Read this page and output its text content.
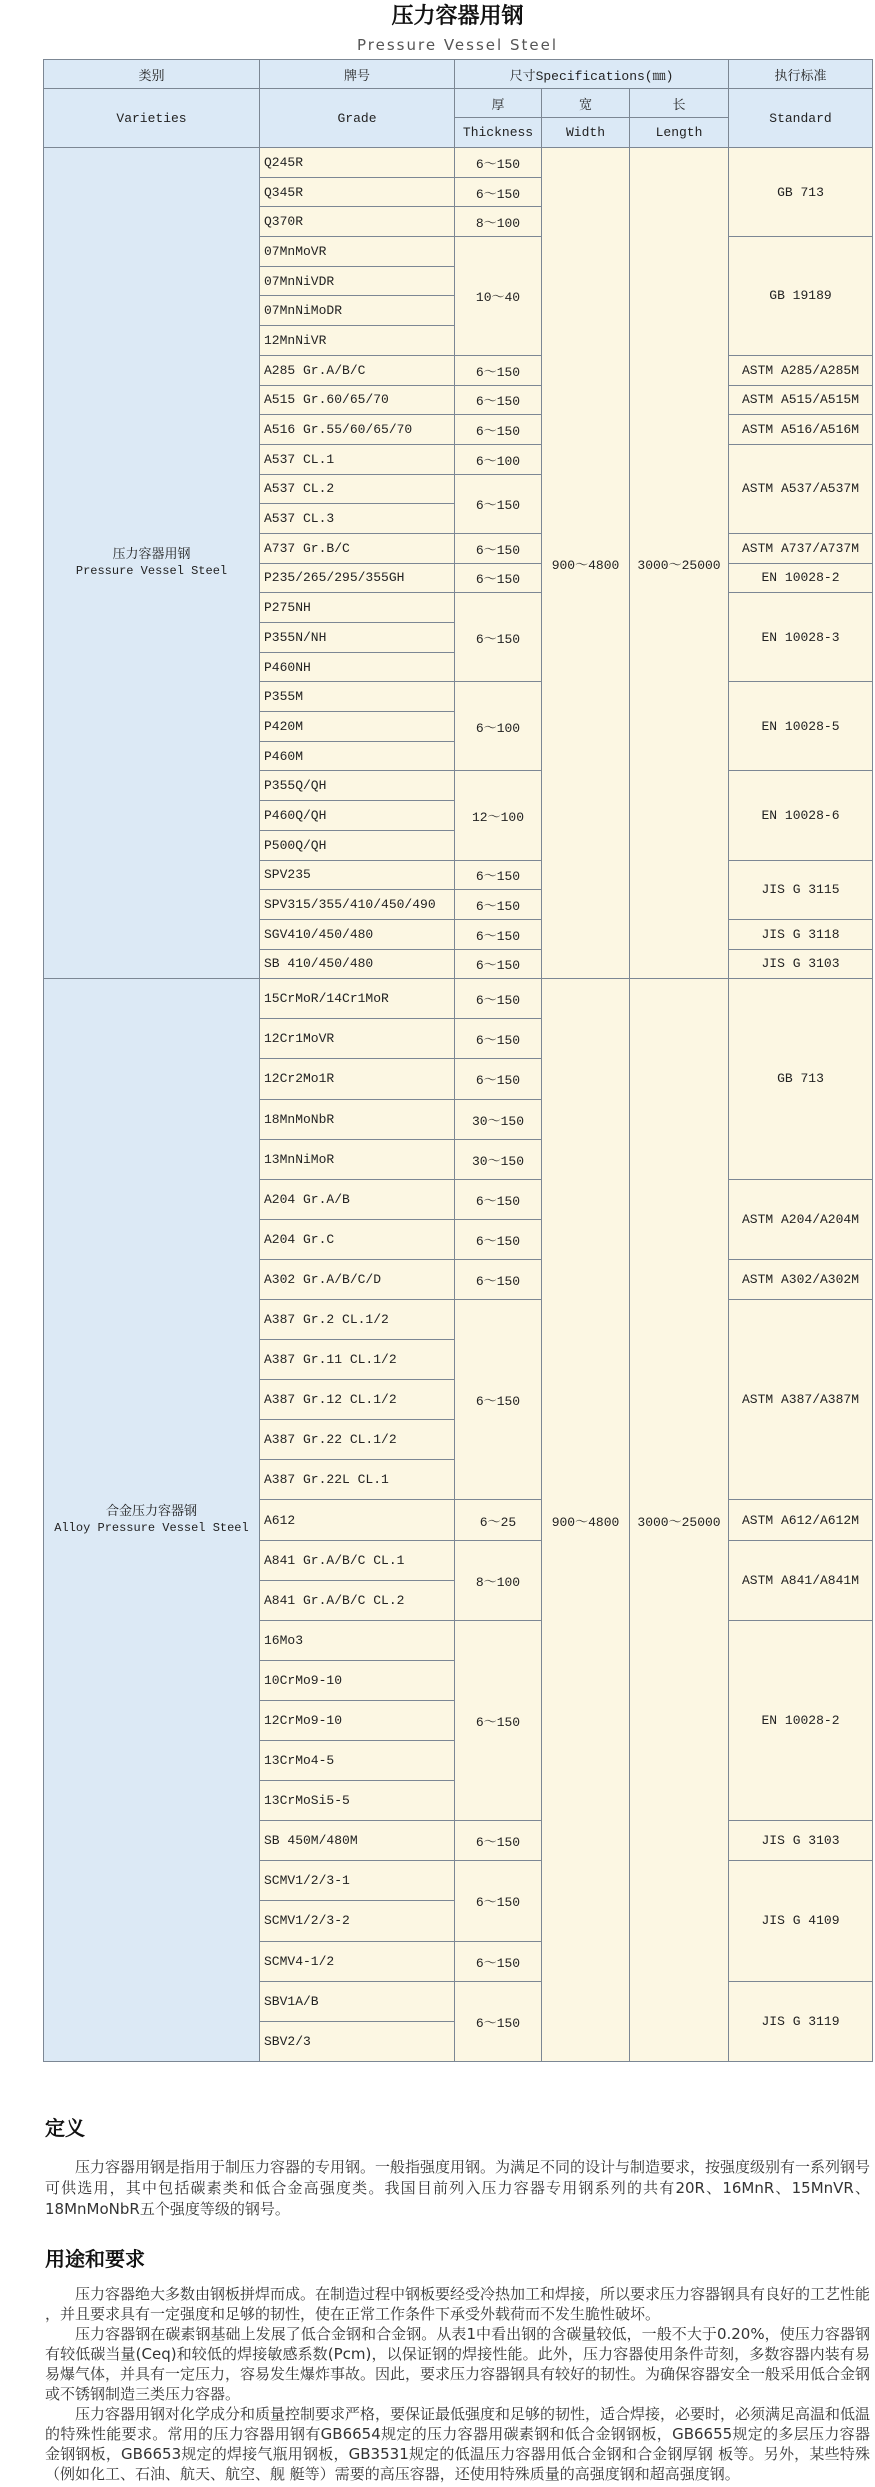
压力容器用钢
Pressure Vessel Steel
类别	牌号	尺寸Specifications(㎜)			执行标准
Varieties	Grade	厚	宽	长	Standard
		Thickness	Width	Length	

压力容器用钢
Pressure Vessel Steel	Q245R	6～150	900～4800	3000～25000	GB 713
	Q345R	6～150			
	Q370R	8～100			
	07MnMoVR	10～40			GB 19189
	07MnNiVDR				
	07MnNiMoDR				
	12MnNiVR				
	A285 Gr.A/B/C	6～150			ASTM A285/A285M
	A515 Gr.60/65/70	6～150			ASTM A515/A515M
	A516 Gr.55/60/65/70	6～150			ASTM A516/A516M
	A537 CL.1	6～100			ASTM A537/A537M
	A537 CL.2	6～150			
	A537 CL.3				
	A737 Gr.B/C	6～150			ASTM A737/A737M
	P235/265/295/355GH	6～150			EN 10028-2
	P275NH	6～150			EN 10028-3
	P355N/NH				
	P460NH				
	P355M	6～100			EN 10028-5
	P420M				
	P460M				
	P355Q/QH	12～100			EN 10028-6
	P460Q/QH				
	P500Q/QH				
	SPV235	6～150			JIS G 3115
	SPV315/355/410/450/490	6～150			
	SGV410/450/480	6～150			JIS G 3118
	SB 410/450/480	6～150			JIS G 3103

合金压力容器钢
Alloy Pressure Vessel Steel	15CrMoR/14Cr1MoR	6～150	900～4800	3000～25000	GB 713
	12Cr1MoVR	6～150			
	12Cr2Mo1R	6～150			
	18MnMoNbR	30～150			
	13MnNiMoR	30～150			
	A204 Gr.A/B	6～150			ASTM A204/A204M
	A204 Gr.C	6～150			
	A302 Gr.A/B/C/D	6～150			ASTM A302/A302M
	A387 Gr.2 CL.1/2	6～150			ASTM A387/A387M
	A387 Gr.11 CL.1/2				
	A387 Gr.12 CL.1/2				
	A387 Gr.22 CL.1/2				
	A387 Gr.22L CL.1				
	A612	6～25			ASTM A612/A612M
	A841 Gr.A/B/C CL.1	8～100			ASTM A841/A841M
	A841 Gr.A/B/C CL.2				
	16Mo3	6～150			EN 10028-2
	10CrMo9-10				
	12CrMo9-10				
	13CrMo4-5				
	13CrMoSi5-5				
	SB 450M/480M	6～150			JIS G 3103
	SCMV1/2/3-1	6～150			JIS G 4109
	SCMV1/2/3-2				
	SCMV4-1/2	6～150			
	SBV1A/B	6～150			JIS G 3119
	SBV2/3				
定义
压力容器用钢是指用于制压力容器的专用钢。一般指强度用钢。为满足不同的设计与制造要求，按强度级别有一系列钢号
可供选用，其中包括碳素类和低合金高强度类。我国目前列入压力容器专用钢系列的共有20R、16MnR、15MnVR、
18MnMoNbR五个强度等级的钢号。
用途和要求
压力容器绝大多数由钢板拼焊而成。在制造过程中钢板要经受冷热加工和焊接，所以要求压力容器钢具有良好的工艺性能
，并且要求具有一定强度和足够的韧性，使在正常工作条件下承受外载荷而不发生脆性破坏。
压力容器钢在碳素钢基础上发展了低合金钢和合金钢。从表1中看出钢的含碳量较低，一般不大于0.20%，使压力容器钢
有较低碳当量(Ceq)和较低的焊接敏感系数(Pcm)，以保证钢的焊接性能。此外，压力容器使用条件苛刻，多数容器内装有易
易爆气体，并具有一定压力，容易发生爆炸事故。因此，要求压力容器钢具有较好的韧性。为确保容器安全一般采用低合金钢
或不锈钢制造三类压力容器。
压力容器用钢对化学成分和质量控制要求严格，要保证最低强度和足够的韧性，适合焊接，必要时，必须满足高温和低温
的特殊性能要求。常用的压力容器用钢有GB6654规定的压力容器用碳素钢和低合金钢钢板，GB6655规定的多层压力容器
金钢钢板，GB6653规定的焊接气瓶用钢板，GB3531规定的低温压力容器用低合金钢和合金钢厚钢 板等。另外，某些特殊
（例如化工、石油、航天、航空、舰 艇等）需要的高压容器，还使用特殊质量的高强度钢和超高强度钢。
